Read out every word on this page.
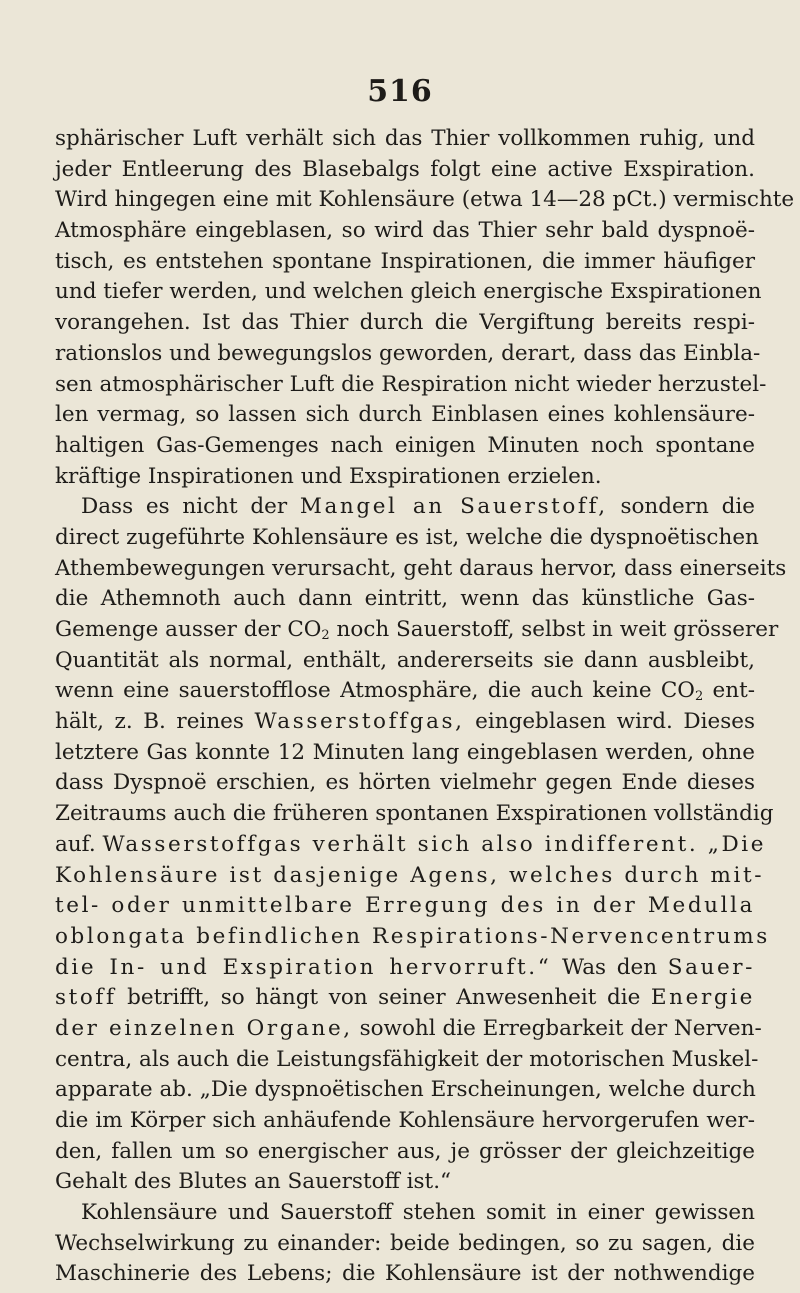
516
sphärischer Luft verhält sich das Thier vollkommen ruhig, und
jeder Entleerung des Blasebalgs folgt eine active Exspiration.
Wird hingegen eine mit Kohlensäure (etwa 14—28 pCt.) vermischte
Atmosphäre eingeblasen, so wird das Thier sehr bald dyspnoë-
tisch, es entstehen spontane Inspirationen, die immer häufiger
und tiefer werden, und welchen gleich energische Exspirationen
vorangehen. Ist das Thier durch die Vergiftung bereits respi-
rationslos und bewegungslos geworden, derart, dass das Einbla-
sen atmosphärischer Luft die Respiration nicht wieder herzustel-
len vermag, so lassen sich durch Einblasen eines kohlensäure-
haltigen Gas-Gemenges nach einigen Minuten noch spontane
kräftige Inspirationen und Exspirationen erzielen.
Dass es nicht der Mangel an Sauerstoff, sondern die
direct zugeführte Kohlensäure es ist, welche die dyspnoëtischen
Athembewegungen verursacht, geht daraus hervor, dass einerseits
die Athemnoth auch dann eintritt, wenn das künstliche Gas-
Gemenge ausser der $CO_2$ noch Sauerstoff, selbst in weit grösserer
Quantität als normal, enthält, andererseits sie dann ausbleibt,
wenn eine sauerstofflose Atmosphäre, die auch keine $CO_2$ ent-
hält, z. B. reines Wasserstoffgas, eingeblasen wird. Dieses
letztere Gas konnte 12 Minuten lang eingeblasen werden, ohne
dass Dyspnoë erschien, es hörten vielmehr gegen Ende dieses
Zeitraums auch die früheren spontanen Exspirationen vollständig
auf. Wasserstoffgas verhält sich also indifferent. „Die
Kohlensäure ist dasjenige Agens, welches durch mit-
tel- oder unmittelbare Erregung des in der Medulla
oblongata befindlichen Respirations-Nervencentrums
die In- und Exspiration hervorruft.“ Was den Sauer-
stoff betrifft, so hängt von seiner Anwesenheit die Energie
der einzelnen Organe, sowohl die Erregbarkeit der Nerven-
centra, als auch die Leistungsfähigkeit der motorischen Muskel-
apparate ab. „Die dyspnoëtischen Erscheinungen, welche durch
die im Körper sich anhäufende Kohlensäure hervorgerufen wer-
den, fallen um so energischer aus, je grösser der gleichzeitige
Gehalt des Blutes an Sauerstoff ist.“
Kohlensäure und Sauerstoff stehen somit in einer gewissen
Wechselwirkung zu einander: beide bedingen, so zu sagen, die
Maschinerie des Lebens; die Kohlensäure ist der nothwendige
